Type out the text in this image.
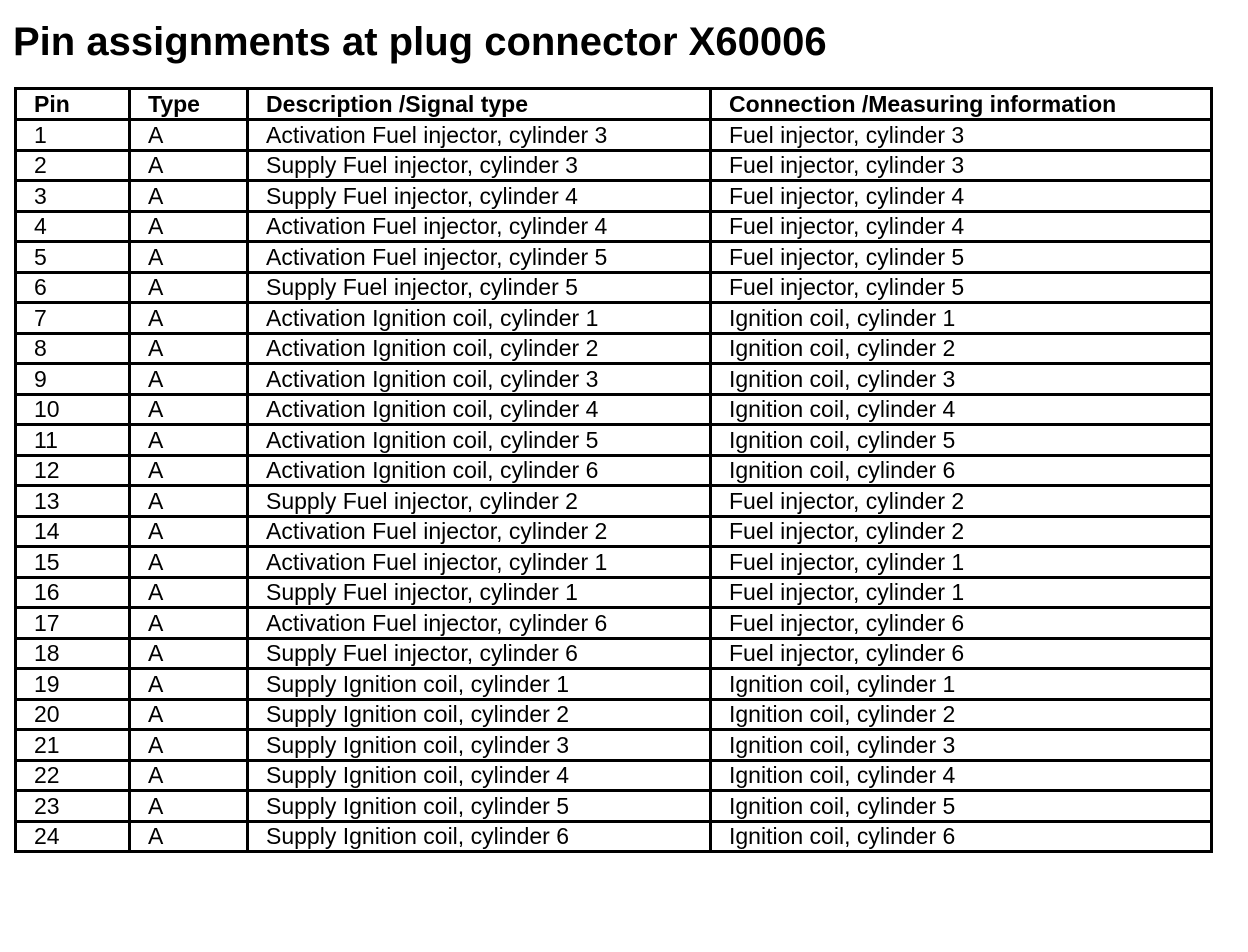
Pin assignments at plug connector X60006
Pin	Type	Description /Signal type	Connection /Measuring information
1	A	Activation Fuel injector, cylinder 3	Fuel injector, cylinder 3
2	A	Supply Fuel injector, cylinder 3	Fuel injector, cylinder 3
3	A	Supply Fuel injector, cylinder 4	Fuel injector, cylinder 4
4	A	Activation Fuel injector, cylinder 4	Fuel injector, cylinder 4
5	A	Activation Fuel injector, cylinder 5	Fuel injector, cylinder 5
6	A	Supply Fuel injector, cylinder 5	Fuel injector, cylinder 5
7	A	Activation Ignition coil, cylinder 1	Ignition coil, cylinder 1
8	A	Activation Ignition coil, cylinder 2	Ignition coil, cylinder 2
9	A	Activation Ignition coil, cylinder 3	Ignition coil, cylinder 3
10	A	Activation Ignition coil, cylinder 4	Ignition coil, cylinder 4
11	A	Activation Ignition coil, cylinder 5	Ignition coil, cylinder 5
12	A	Activation Ignition coil, cylinder 6	Ignition coil, cylinder 6
13	A	Supply Fuel injector, cylinder 2	Fuel injector, cylinder 2
14	A	Activation Fuel injector, cylinder 2	Fuel injector, cylinder 2
15	A	Activation Fuel injector, cylinder 1	Fuel injector, cylinder 1
16	A	Supply Fuel injector, cylinder 1	Fuel injector, cylinder 1
17	A	Activation Fuel injector, cylinder 6	Fuel injector, cylinder 6
18	A	Supply Fuel injector, cylinder 6	Fuel injector, cylinder 6
19	A	Supply Ignition coil, cylinder 1	Ignition coil, cylinder 1
20	A	Supply Ignition coil, cylinder 2	Ignition coil, cylinder 2
21	A	Supply Ignition coil, cylinder 3	Ignition coil, cylinder 3
22	A	Supply Ignition coil, cylinder 4	Ignition coil, cylinder 4
23	A	Supply Ignition coil, cylinder 5	Ignition coil, cylinder 5
24	A	Supply Ignition coil, cylinder 6	Ignition coil, cylinder 6
